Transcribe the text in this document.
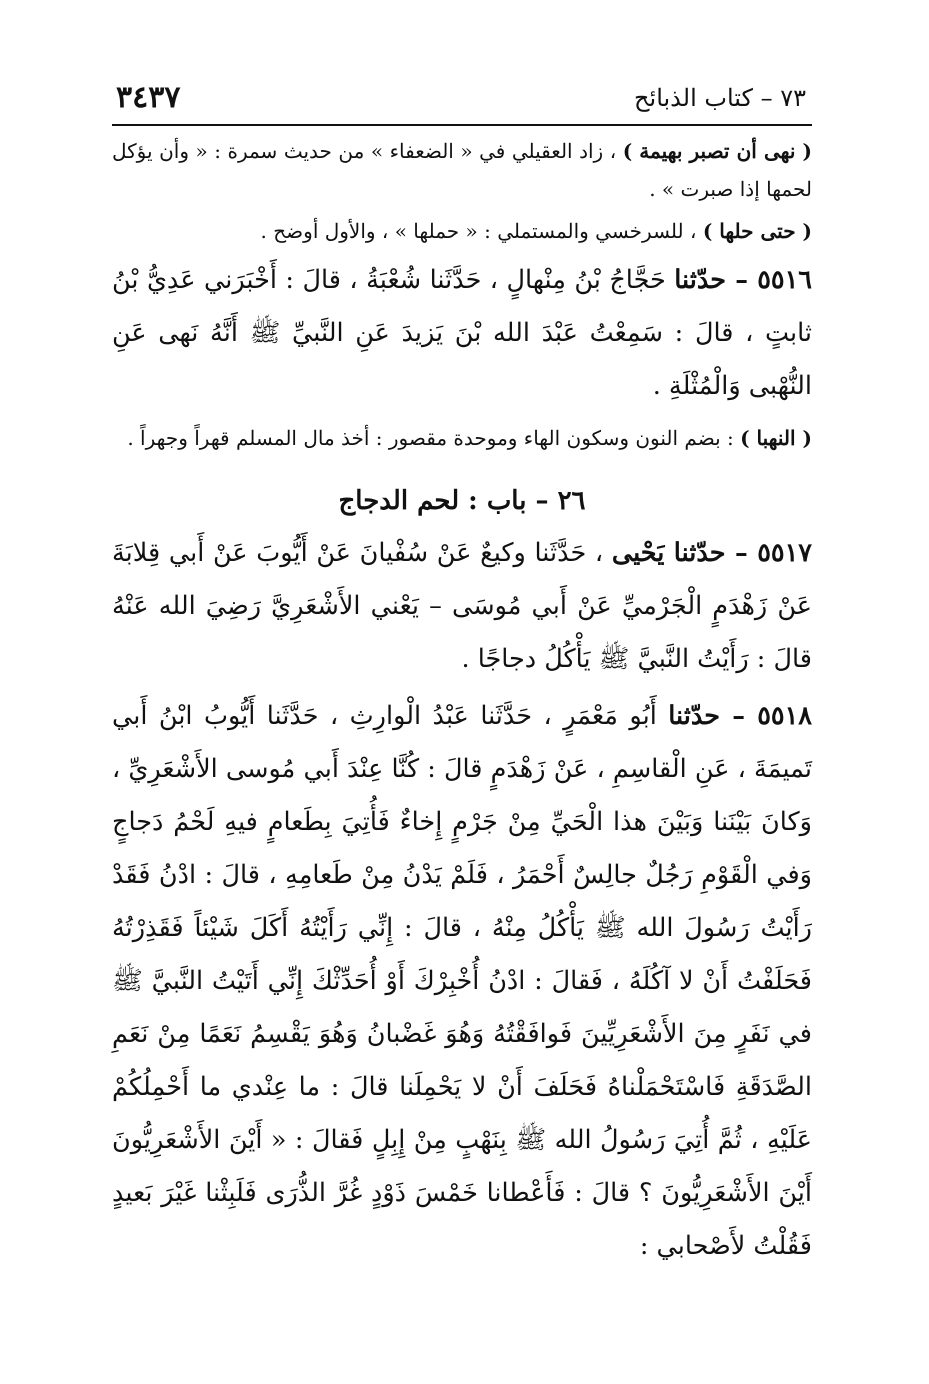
٧٣ – كتاب الذبائح
٣٤٣٧

( نهى أن تصبر بهيمة ) ، زاد العقيلي في « الضعفاء » من حديث سمرة : « وأن يؤكل لحمها إذا صبرت » .

( حتى حلها ) ، للسرخسي والمستملي : « حملها » ، والأول أوضح .

٥٥١٦ – حدّثنا حَجَّاجُ بْنُ مِنْهالٍ ، حَدَّثَنا شُعْبَةُ ، قالَ : أَخْبَرَني عَدِيُّ بْنُ ثابتٍ ، قالَ : سَمِعْتُ عَبْدَ الله بْنَ يَزيدَ عَنِ النَّبيِّ ﷺ أَنَّهُ نَهى عَنِ النُّهْبى وَالْمُثْلَةِ .

( النهبا ) : بضم النون وسكون الهاء وموحدة مقصور : أخذ مال المسلم قهراً وجهراً .

٢٦ – باب : لحم الدجاج

٥٥١٧ – حدّثنا يَحْيى ، حَدَّثَنا وكيعٌ عَنْ سُفْيانَ عَنْ أَيُّوبَ عَنْ أَبي قِلابَةَ عَنْ زَهْدَمٍ الْجَرْميِّ عَنْ أَبي مُوسَى – يَعْني الأَشْعَرِيَّ رَضِيَ الله عَنْهُ قالَ : رَأَيْتُ النَّبيَّ ﷺ يَأْكُلُ دجاجًا .

٥٥١٨ – حدّثنا أَبُو مَعْمَرٍ ، حَدَّثَنا عَبْدُ الْوارِثِ ، حَدَّثَنا أَيُّوبُ ابْنُ أَبي تَميمَةَ ، عَنِ الْقاسِمِ ، عَنْ زَهْدَمٍ قالَ : كُنَّا عِنْدَ أَبي مُوسى الأَشْعَرِيِّ ، وَكانَ بَيْنَنا وَبَيْنَ هذا الْحَيِّ مِنْ جَرْمٍ إِخاءٌ فَأُتِيَ بِطَعامٍ فيهِ لَحْمُ دَجاجٍ وَفي الْقَوْمِ رَجُلٌ جالِسٌ أَحْمَرُ ، فَلَمْ يَدْنُ مِنْ طَعامِهِ ، قالَ : ادْنُ فَقَدْ رَأَيْتُ رَسُولَ الله ﷺ يَأْكُلُ مِنْهُ ، قالَ : إِنِّي رَأَيْتُهُ أَكَلَ شَيْئاً فَقَذِرْتُهُ فَحَلَفْتُ أَنْ لا آكُلَهُ ، فَقالَ : ادْنُ أُخْبِرْكَ أَوْ أُحَدِّثْكَ إِنِّي أَتَيْتُ النَّبيَّ ﷺ في نَفَرٍ مِنَ الأَشْعَرِيِّينَ فَوافَقْتُهُ وَهُوَ غَضْبانُ وَهُوَ يَقْسِمُ نَعَمًا مِنْ نَعَمِ الصَّدَقَةِ فَاسْتَحْمَلْناهُ فَحَلَفَ أَنْ لا يَحْمِلَنا قالَ : ما عِنْدي ما أَحْمِلُكُمْ عَلَيْهِ ، ثُمَّ أُتِيَ رَسُولُ الله ﷺ بِنَهْبٍ مِنْ إِبِلٍ فَقالَ : « أَيْنَ الأَشْعَرِيُّونَ أَيْنَ الأَشْعَرِيُّونَ ؟ قالَ : فَأَعْطانا خَمْسَ ذَوْدٍ غُرَّ الذُّرَى فَلَبِثْنا غَيْرَ بَعيدٍ فَقُلْتُ لأَصْحابي :
